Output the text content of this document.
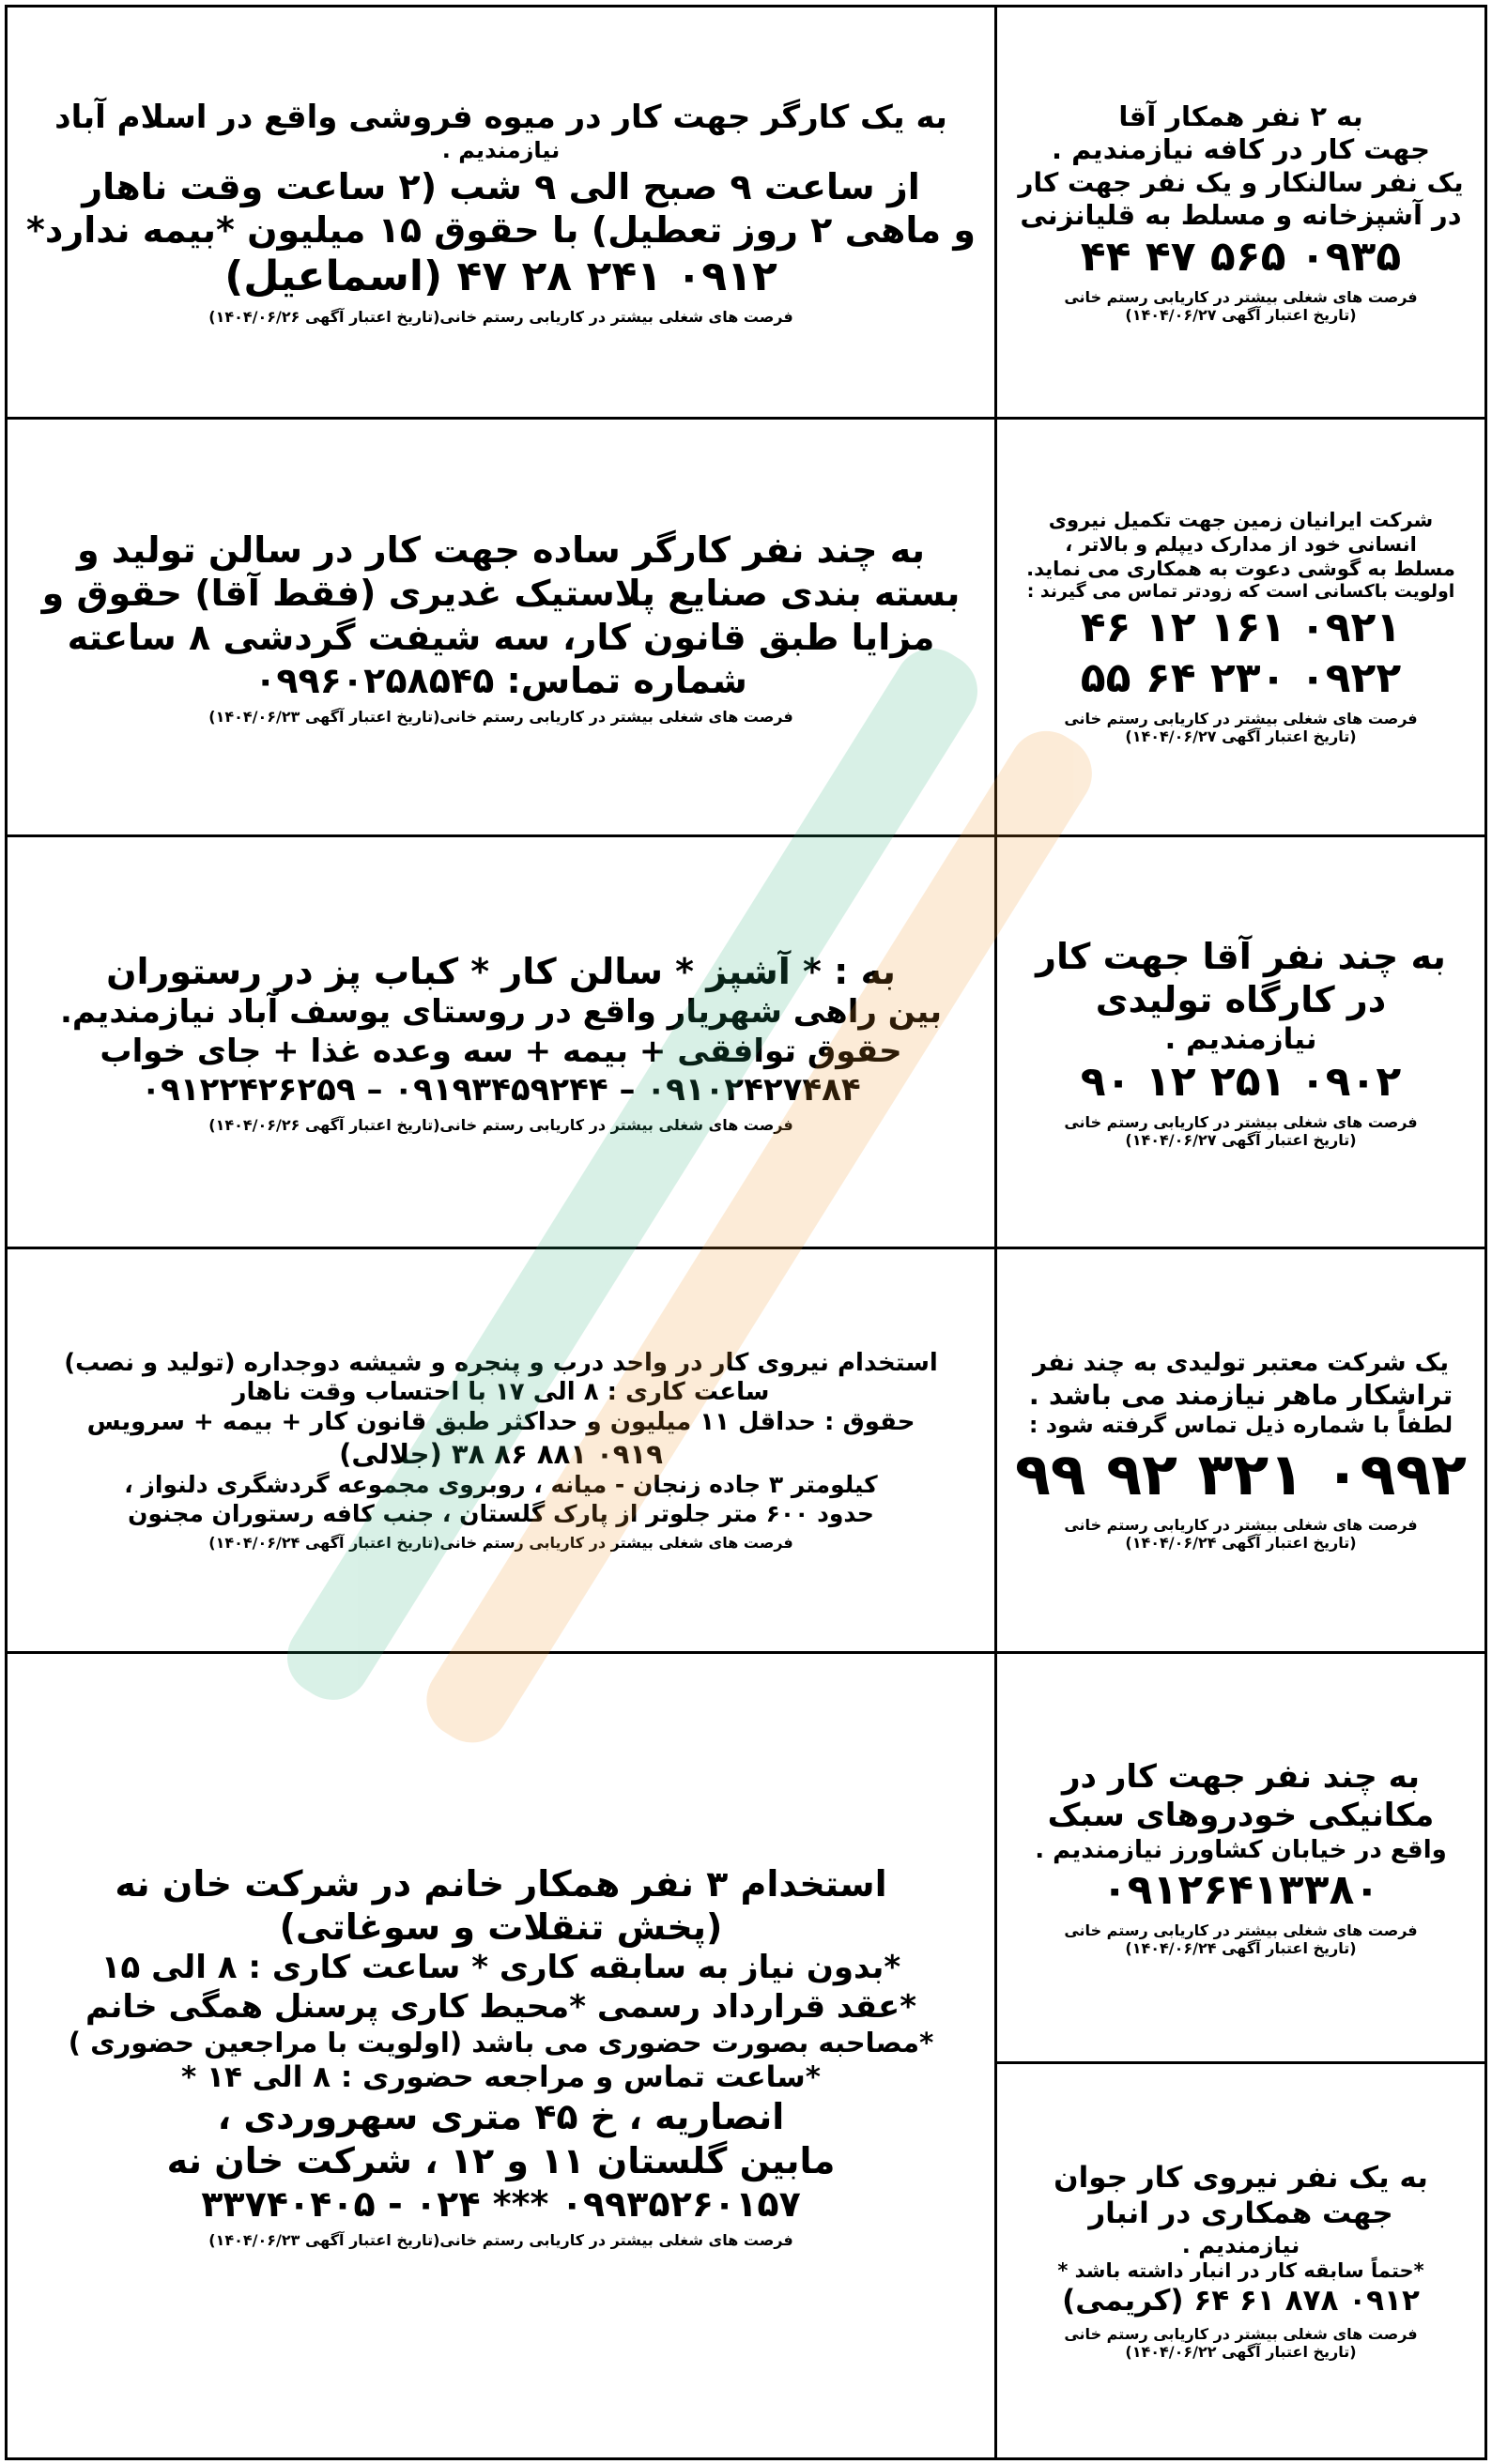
به یک کارگر جهت کار در میوه فروشی واقع در اسلام آباد
نیازمندیم .
از ساعت ۹ صبح الی ۹ شب (۲ ساعت وقت ناهار
و ماهی ۲ روز تعطیل) با حقوق ۱۵ میلیون *بیمه ندارد*
۰۹۱۲ ۲۴۱ ۲۸ ۴۷ (اسماعیل)
فرصت های شغلی بیشتر در کاریابی رستم خانی(تاریخ اعتبار آگهی ۱۴۰۴/۰۶/۲۶)
به ۲ نفر همکار آقا
جهت کار در کافه نیازمندیم .
یک نفر سالنکار و یک نفر جهت کار
در آشپزخانه و مسلط به قلیانزنی
۰۹۳۵ ۵۶۵ ۴۷ ۴۴
فرصت های شغلی بیشتر در کاریابی رستم خانی
(تاریخ اعتبار آگهی ۱۴۰۴/۰۶/۲۷)
به چند نفر کارگر ساده جهت کار در سالن تولید و
بسته بندی صنایع پلاستیک غدیری (فقط آقا) حقوق و
مزایا طبق قانون کار، سه شیفت گردشی ۸ ساعته
شماره تماس: ۰۹۹۶۰۲۵۸۵۴۵
فرصت های شغلی بیشتر در کاریابی رستم خانی(تاریخ اعتبار آگهی ۱۴۰۴/۰۶/۲۳)
شرکت ایرانیان زمین جهت تکمیل نیروی
انسانی خود از مدارک دیپلم و بالاتر ،
مسلط به گوشی دعوت به همکاری می نماید.
اولویت باکسانی است که زودتر تماس می گیرند :
۰۹۲۱ ۱۶۱ ۱۲ ۴۶
۰۹۲۲ ۲۳۰ ۶۴ ۵۵
فرصت های شغلی بیشتر در کاریابی رستم خانی
(تاریخ اعتبار آگهی ۱۴۰۴/۰۶/۲۷)
به : * آشپز * سالن کار * کباب پز در رستوران
بین راهی شهریار واقع در روستای یوسف آباد نیازمندیم.
حقوق توافقی + بیمه + سه وعده غذا + جای خواب
۰۹۱۰۲۴۲۷۴۸۴ – ۰۹۱۹۳۴۵۹۲۴۴ – ۰۹۱۲۲۴۲۶۲۵۹
فرصت های شغلی بیشتر در کاریابی رستم خانی(تاریخ اعتبار آگهی ۱۴۰۴/۰۶/۲۶)
به چند نفر آقا جهت کار
در کارگاه تولیدی
نیازمندیم .
۰۹۰۲ ۲۵۱ ۱۲ ۹۰
فرصت های شغلی بیشتر در کاریابی رستم خانی
(تاریخ اعتبار آگهی ۱۴۰۴/۰۶/۲۷)
استخدام نیروی کار در واحد درب و پنجره و شیشه دوجداره (تولید و نصب)
ساعت کاری : ۸ الی ۱۷ با احتساب وقت ناهار
حقوق : حداقل ۱۱ میلیون و حداکثر طبق قانون کار + بیمه + سرویس
۰۹۱۹ ۸۸۱ ۸۶ ۳۸ (جلالی)
کیلومتر ۳ جاده زنجان - میانه ، روبروی مجموعه گردشگری دلنواز ،
حدود ۶۰۰ متر جلوتر از پارک گلستان ، جنب کافه رستوران مجنون
فرصت های شغلی بیشتر در کاریابی رستم خانی(تاریخ اعتبار آگهی ۱۴۰۴/۰۶/۲۴)
یک شرکت معتبر تولیدی به چند نفر
تراشکار ماهر نیازمند می باشد .
لطفاً با شماره ذیل تماس گرفته شود :
۰۹۹۲ ۳۲۱ ۹۲ ۹۹
فرصت های شغلی بیشتر در کاریابی رستم خانی
(تاریخ اعتبار آگهی ۱۴۰۴/۰۶/۲۴)
استخدام ۳ نفر همکار خانم در شرکت خان نه
(پخش تنقلات و سوغاتی)
*بدون نیاز به سابقه کاری * ساعت کاری : ۸ الی ۱۵
*عقد قرارداد رسمی *محیط کاری پرسنل همگی خانم
*مصاحبه بصورت حضوری می باشد (اولویت با مراجعین حضوری )
*ساعت تماس و مراجعه حضوری : ۸ الی ۱۴ *
انصاریه ، خ ۴۵ متری سهروردی ،
مابین گلستان ۱۱ و ۱۲ ، شرکت خان نه
۰۹۹۳۵۲۶۰۱۵۷ *** ۰۲۴ - ۳۳۷۴۰۴۰۵
فرصت های شغلی بیشتر در کاریابی رستم خانی(تاریخ اعتبار آگهی ۱۴۰۴/۰۶/۲۳)
به چند نفر جهت کار در
مکانیکی خودروهای سبک
واقع در خیابان کشاورز نیازمندیم .
۰۹۱۲۶۴۱۳۳۸۰
فرصت های شغلی بیشتر در کاریابی رستم خانی
(تاریخ اعتبار آگهی ۱۴۰۴/۰۶/۲۴)
به یک نفر نیروی کار جوان
جهت همکاری در انبار
نیازمندیم .
*حتماً سابقه کار در انبار داشته باشد *
۰۹۱۲ ۸۷۸ ۶۱ ۶۴ (کریمی)
فرصت های شغلی بیشتر در کاریابی رستم خانی
(تاریخ اعتبار آگهی ۱۴۰۴/۰۶/۲۲)
